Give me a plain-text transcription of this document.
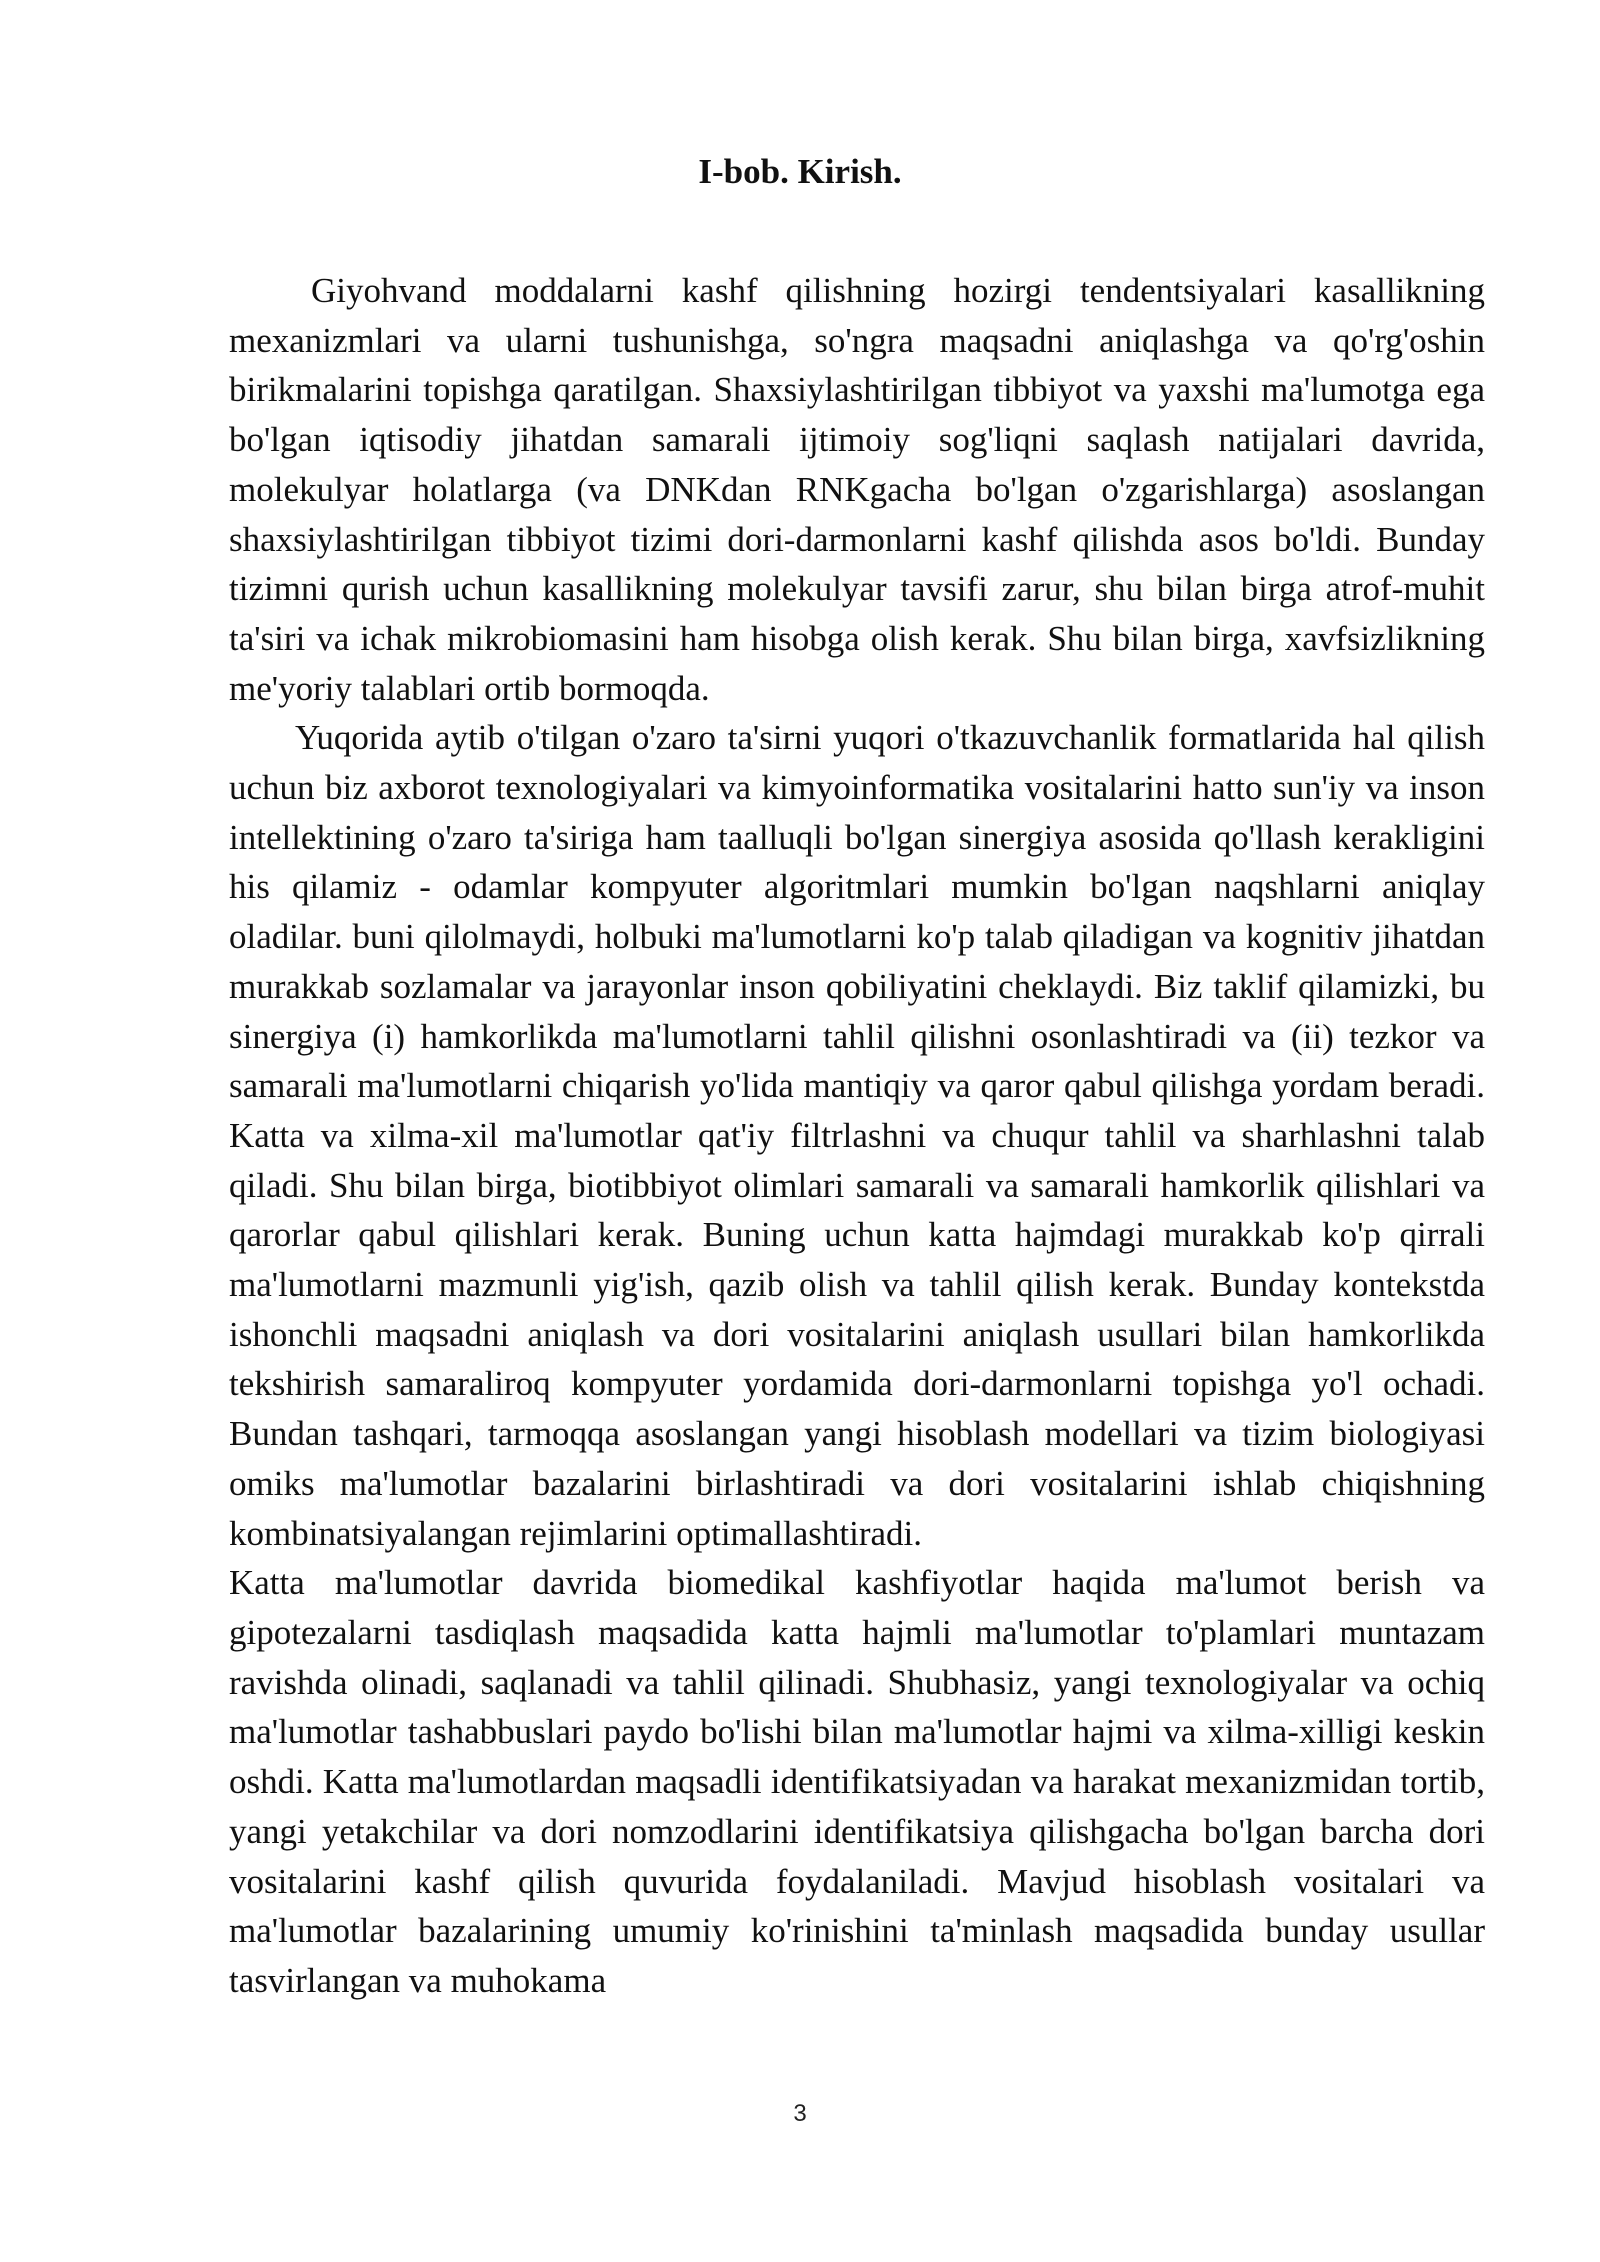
I-bob. Kirish.

Giyohvand moddalarni kashf qilishning hozirgi tendentsiyalari kasallikning mexanizmlari va ularni tushunishga, so'ngra maqsadni aniqlashga va qo'rg'oshin birikmalarini topishga qaratilgan. Shaxsiylashtirilgan tibbiyot va yaxshi ma'lumotga ega bo'lgan iqtisodiy jihatdan samarali ijtimoiy sog'liqni saqlash natijalari davrida, molekulyar holatlarga (va DNKdan RNKgacha bo'lgan o'zgarishlarga) asoslangan shaxsiylashtirilgan tibbiyot tizimi dori-darmonlarni kashf qilishda asos bo'ldi. Bunday tizimni qurish uchun kasallikning molekulyar tavsifi zarur, shu bilan birga atrof-muhit ta'siri va ichak mikrobiomasini ham hisobga olish kerak. Shu bilan birga, xavfsizlikning me'yoriy talablari ortib bormoqda.

Yuqorida aytib o'tilgan o'zaro ta'sirni yuqori o'tkazuvchanlik formatlarida hal qilish uchun biz axborot texnologiyalari va kimyoinformatika vositalarini hatto sun'iy va inson intellektining o'zaro ta'siriga ham taalluqli bo'lgan sinergiya asosida qo'llash kerakligini his qilamiz - odamlar kompyuter algoritmlari mumkin bo'lgan naqshlarni aniqlay oladilar. buni qilolmaydi, holbuki ma'lumotlarni ko'p talab qiladigan va kognitiv jihatdan murakkab sozlamalar va jarayonlar inson qobiliyatini cheklaydi. Biz taklif qilamizki, bu sinergiya (i) hamkorlikda ma'lumotlarni tahlil qilishni osonlashtiradi va (ii) tezkor va samarali ma'lumotlarni chiqarish yo'lida mantiqiy va qaror qabul qilishga yordam beradi. Katta va xilma-xil ma'lumotlar qat'iy filtrlashni va chuqur tahlil va sharhlashni talab qiladi. Shu bilan birga, biotibbiyot olimlari samarali va samarali hamkorlik qilishlari va qarorlar qabul qilishlari kerak. Buning uchun katta hajmdagi murakkab ko'p qirrali ma'lumotlarni mazmunli yig'ish, qazib olish va tahlil qilish kerak. Bunday kontekstda ishonchli maqsadni aniqlash va dori vositalarini aniqlash usullari bilan hamkorlikda tekshirish samaraliroq kompyuter yordamida dori-darmonlarni topishga yo'l ochadi. Bundan tashqari, tarmoqqa asoslangan yangi hisoblash modellari va tizim biologiyasi omiks ma'lumotlar bazalarini birlashtiradi va dori vositalarini ishlab chiqishning kombinatsiyalangan rejimlarini optimallashtiradi.

Katta ma'lumotlar davrida biomedikal kashfiyotlar haqida ma'lumot berish va gipotezalarni tasdiqlash maqsadida katta hajmli ma'lumotlar to'plamlari muntazam ravishda olinadi, saqlanadi va tahlil qilinadi. Shubhasiz, yangi texnologiyalar va ochiq ma'lumotlar tashabbuslari paydo bo'lishi bilan ma'lumotlar hajmi va xilma-xilligi keskin oshdi. Katta ma'lumotlardan maqsadli identifikatsiyadan va harakat mexanizmidan tortib, yangi yetakchilar va dori nomzodlarini identifikatsiya qilishgacha bo'lgan barcha dori vositalarini kashf qilish quvurida foydalaniladi. Mavjud hisoblash vositalari va ma'lumotlar bazalarining umumiy ko'rinishini ta'minlash maqsadida bunday usullar tasvirlangan va muhokama

3
